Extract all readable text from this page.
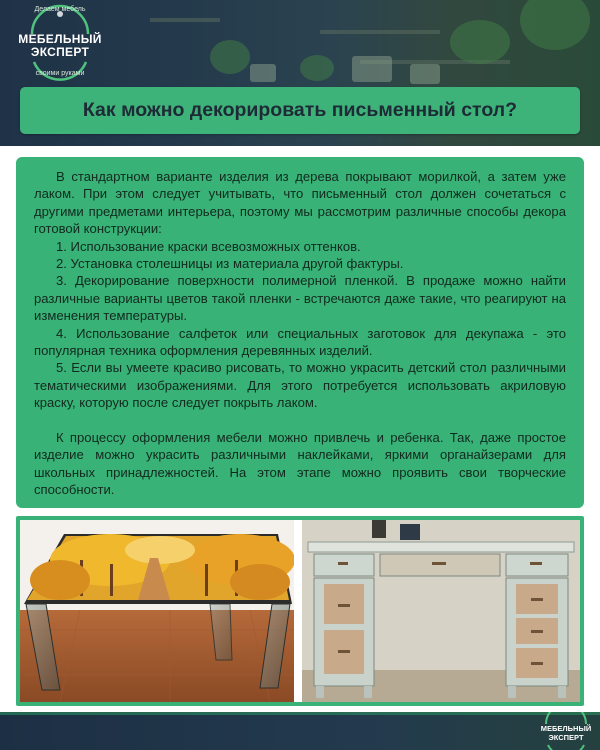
Делаем мебель
МЕБЕЛЬНЫЙ
ЭКСПЕРТ
своими руками
Как можно декорировать письменный стол?

В стандартном варианте изделия из дерева покрывают морилкой, а затем уже лаком. При этом следует учитывать, что письменный стол должен сочетаться с другими предметами интерьера, поэтому мы рассмотрим различные способы декора готовой конструкции:

1. Использование краски всевозможных оттенков.

2. Установка столешницы из материала другой фактуры.

3. Декорирование поверхности полимерной пленкой. В продаже можно найти различные варианты цветов такой пленки - встречаются даже такие, что реагируют на изменения температуры.

4. Использование салфеток или специальных заготовок для декупажа - это популярная техника оформления деревянных изделий.

5. Если вы умеете красиво рисовать, то можно украсить детский стол различными тематическими изображениями. Для этого потребуется использовать акриловую краску, которую после следует покрыть лаком.

К процессу оформления мебели можно привлечь и ребенка. Так, даже простое изделие можно украсить различными наклейками, яркими органайзерами для школьных принадлежностей. На этом этапе можно проявить свои творческие способности.

МЕБЕЛЬНЫЙ
ЭКСПЕРТ
